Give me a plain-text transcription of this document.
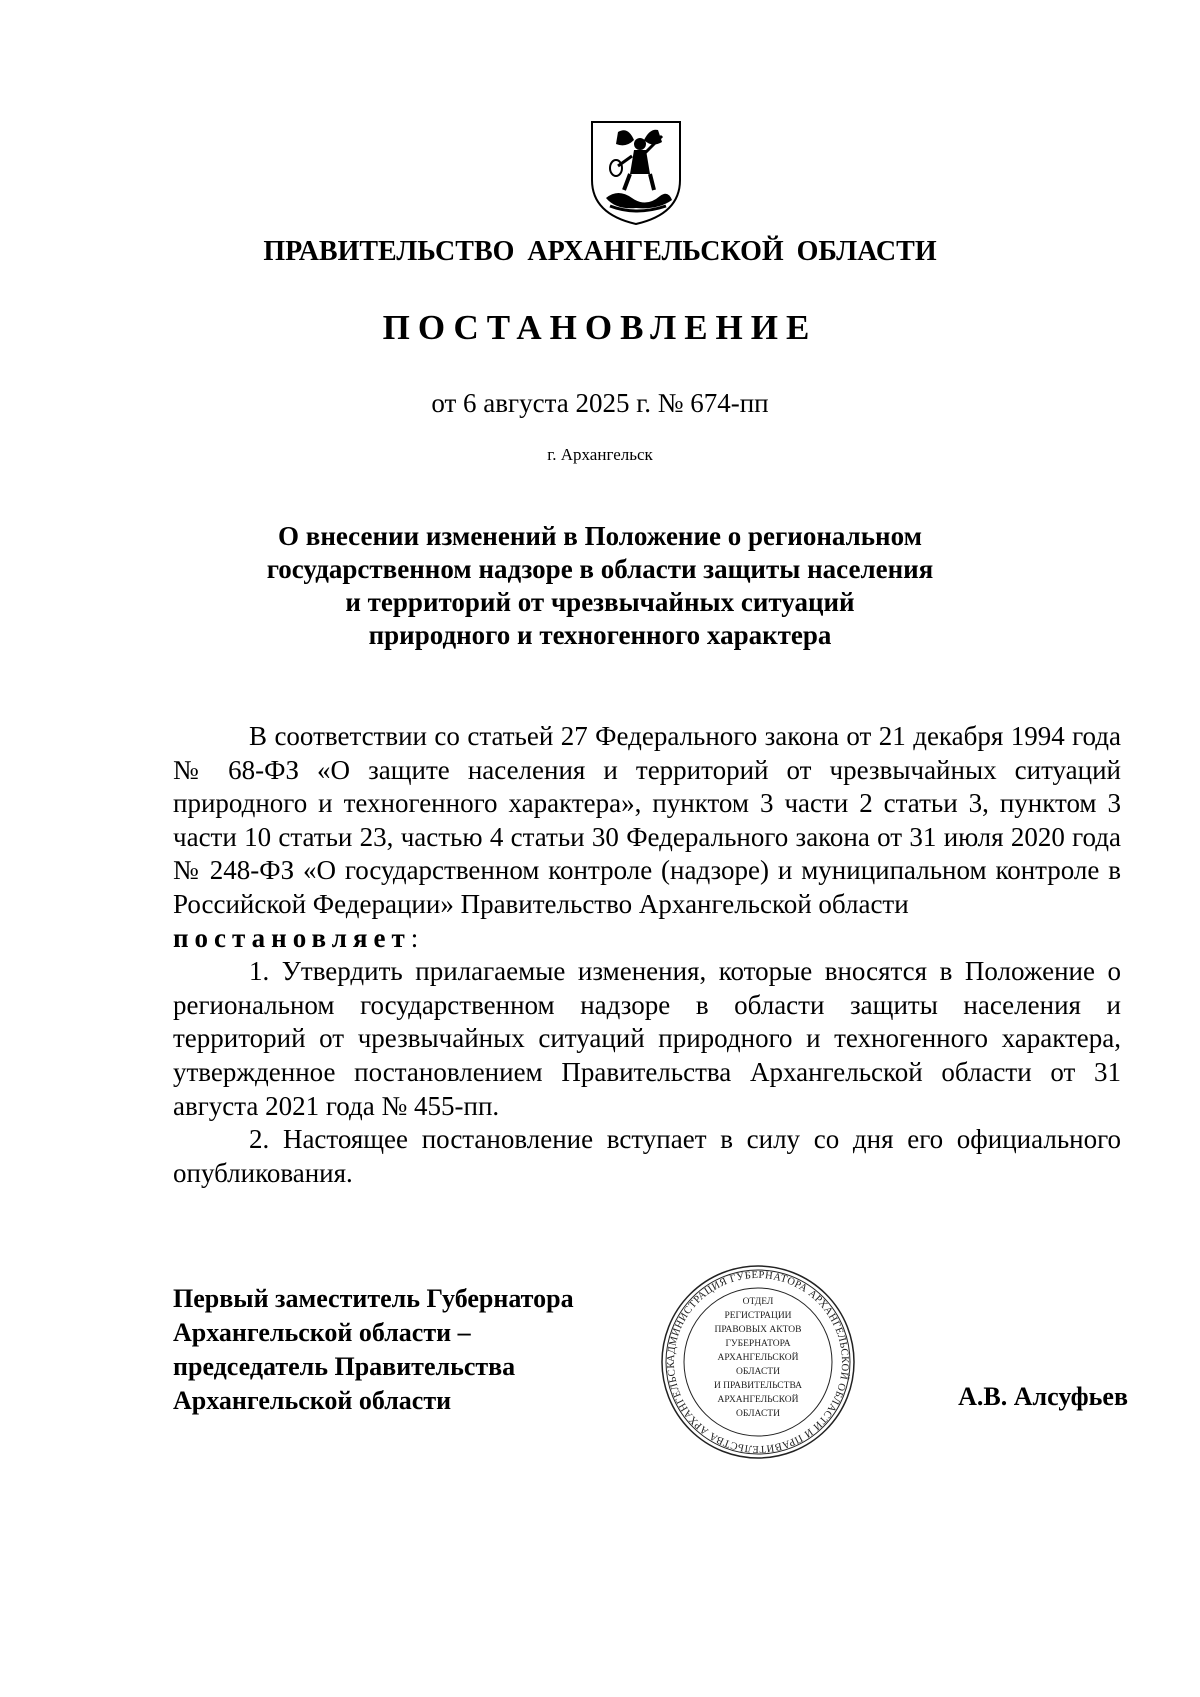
ПРАВИТЕЛЬСТВО АРХАНГЕЛЬСКОЙ ОБЛАСТИ
ПОСТАНОВЛЕНИЕ
от 6 августа 2025 г. № 674-пп
г. Архангельск
О внесении изменений в Положение о региональном
государственном надзоре в области защиты населения
и территорий от чрезвычайных ситуаций
природного и техногенного характера

В соответствии со статьей 27 Федерального закона от 21 декабря 1994 года № 68-ФЗ «О защите населения и территорий от чрезвычайных ситуаций природного и техногенного характера», пунктом 3 части 2 статьи 3, пунктом 3 части 10 статьи 23, частью 4 статьи 30 Федерального закона от 31 июля 2020 года № 248-ФЗ «О государственном контроле (надзоре) и муниципальном контроле в Российской Федерации» Правительство Архангельской области
постановляет:

1. Утвердить прилагаемые изменения, которые вносятся в Положение о региональном государственном надзоре в области защиты населения и территорий от чрезвычайных ситуаций природного и техногенного характера, утвержденное постановлением Правительства Архангельской области от 31 августа 2021 года № 455-пп.

2. Настоящее постановление вступает в силу со дня его официального опубликования.

Первый заместитель Губернатора
Архангельской области –
председатель Правительства
Архангельской области
АДМИНИСТРАЦИЯ ГУБЕРНАТОРА АРХАНГЕЛЬСКОЙ ОБЛАСТИ И ПРАВИТЕЛЬСТВА АРХАНГЕЛЬСК
ОТДЕЛ
РЕГИСТРАЦИИ
ПРАВОВЫХ АКТОВ
ГУБЕРНАТОРА
АРХАНГЕЛЬСКОЙ
ОБЛАСТИ
И ПРАВИТЕЛЬСТВА
АРХАНГЕЛЬСКОЙ
ОБЛАСТИ
А.В. Алсуфьев
